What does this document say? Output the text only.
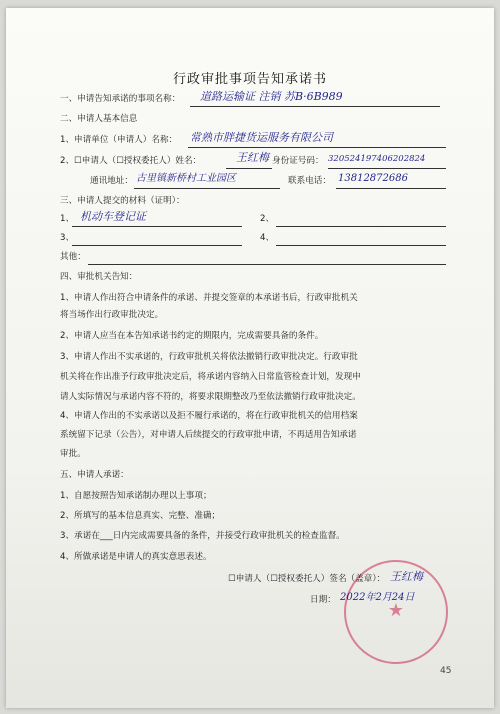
行政审批事项告知承诺书
一、申请告知承诺的事项名称： 道路运输证 注销 苏B·6B989
二、申请人基本信息
1、申请单位（申请人）名称： 常熟市胖捷货运服务有限公司
2、☐申请人（☐授权委托人）姓名：	王红梅 身份证号码： 320524197406202824
通讯地址： 古里镇新桥村工业园区	联系电话： 13812872686
三、申请人提交的材料（证明）：
1、 机动车登记证	2、
3、	4、
其他：
四、审批机关告知：
1、申请人作出符合申请条件的承诺、并提交签章的本承诺书后，行政审批机关
将当场作出行政审批决定。
2、申请人应当在本告知承诺书约定的期限内，完成需要具备的条件。
3、申请人作出不实承诺的，行政审批机关将依法撤销行政审批决定。行政审批
机关将在作出准予行政审批决定后，将承诺内容纳入日常监管检查计划，发现申
请人实际情况与承诺内容不符的，将要求限期整改乃至依法撤销行政审批决定。
4、申请人作出的不实承诺以及拒不履行承诺的，将在行政审批机关的信用档案
系统留下记录（公告），对申请人后续提交的行政审批申请，不再适用告知承诺
审批。
五、申请人承诺：
1、自愿按照告知承诺制办理以上事项；
2、所填写的基本信息真实、完整、准确；
3、承诺在___日内完成需要具备的条件，并接受行政审批机关的检查监督。
4、所做承诺是申请人的真实意思表述。
★
☐申请人（☐授权委托人）签名（盖章）： 王红梅
日期： 2022年2月24日
45
